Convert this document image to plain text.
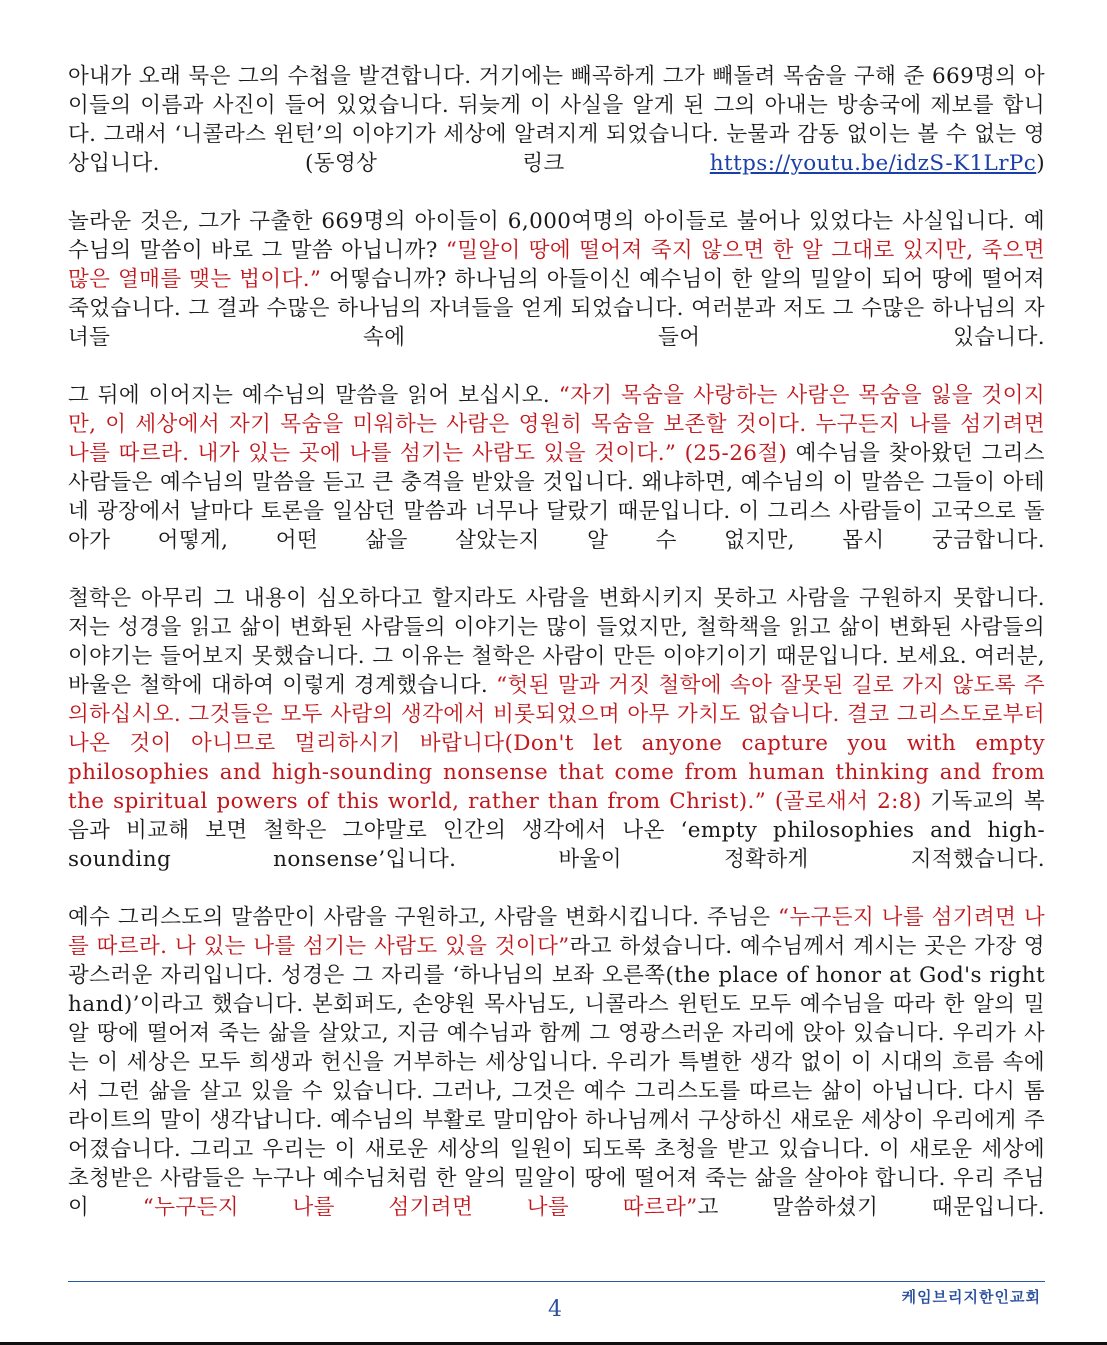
아내가 오래 묵은 그의 수첩을 발견합니다. 거기에는 빼곡하게 그가 빼돌려 목숨을 구해 준 669명의 아이들의 이름과 사진이 들어 있었습니다. 뒤늦게 이 사실을 알게 된 그의 아내는 방송국에 제보를 합니다. 그래서 ‘니콜라스 윈턴’의 이야기가 세상에 알려지게 되었습니다. 눈물과 감동 없이는 볼 수 없는 영상입니다. (동영상 링크 https://youtu.be/idzS-K1LrPc)

놀라운 것은, 그가 구출한 669명의 아이들이 6,000여명의 아이들로 불어나 있었다는 사실입니다. 예수님의 말씀이 바로 그 말씀 아닙니까? “밀알이 땅에 떨어져 죽지 않으면 한 알 그대로 있지만, 죽으면 많은 열매를 맺는 법이다.” 어떻습니까? 하나님의 아들이신 예수님이 한 알의 밀알이 되어 땅에 떨어져 죽었습니다. 그 결과 수많은 하나님의 자녀들을 얻게 되었습니다. 여러분과 저도 그 수많은 하나님의 자녀들 속에 들어 있습니다.

그 뒤에 이어지는 예수님의 말씀을 읽어 보십시오. “자기 목숨을 사랑하는 사람은 목숨을 잃을 것이지만, 이 세상에서 자기 목숨을 미워하는 사람은 영원히 목숨을 보존할 것이다. 누구든지 나를 섬기려면 나를 따르라. 내가 있는 곳에 나를 섬기는 사람도 있을 것이다.” (25-26절) 예수님을 찾아왔던 그리스 사람들은 예수님의 말씀을 듣고 큰 충격을 받았을 것입니다. 왜냐하면, 예수님의 이 말씀은 그들이 아테네 광장에서 날마다 토론을 일삼던 말씀과 너무나 달랐기 때문입니다. 이 그리스 사람들이 고국으로 돌아가 어떻게, 어떤 삶을 살았는지 알 수 없지만, 몹시 궁금합니다.

철학은 아무리 그 내용이 심오하다고 할지라도 사람을 변화시키지 못하고 사람을 구원하지 못합니다. 저는 성경을 읽고 삶이 변화된 사람들의 이야기는 많이 들었지만, 철학책을 읽고 삶이 변화된 사람들의 이야기는 들어보지 못했습니다. 그 이유는 철학은 사람이 만든 이야기이기 때문입니다. 보세요. 여러분, 바울은 철학에 대하여 이렇게 경계했습니다. “헛된 말과 거짓 철학에 속아 잘못된 길로 가지 않도록 주의하십시오. 그것들은 모두 사람의 생각에서 비롯되었으며 아무 가치도 없습니다. 결코 그리스도로부터 나온 것이 아니므로 멀리하시기 바랍니다(Don't let anyone capture you with empty philosophies and high-sounding nonsense that come from human thinking and from the spiritual powers of this world, rather than from Christ).” (골로새서 2:8) 기독교의 복음과 비교해 보면 철학은 그야말로 인간의 생각에서 나온 ‘empty philosophies and high-sounding nonsense’입니다. 바울이 정확하게 지적했습니다.

예수 그리스도의 말씀만이 사람을 구원하고, 사람을 변화시킵니다. 주님은 “누구든지 나를 섬기려면 나를 따르라. 나 있는 나를 섬기는 사람도 있을 것이다”라고 하셨습니다. 예수님께서 계시는 곳은 가장 영광스러운 자리입니다. 성경은 그 자리를 ‘하나님의 보좌 오른쪽(the place of honor at God's right hand)’이라고 했습니다. 본회퍼도, 손양원 목사님도, 니콜라스 윈턴도 모두 예수님을 따라 한 알의 밀알 땅에 떨어져 죽는 삶을 살았고, 지금 예수님과 함께 그 영광스러운 자리에 앉아 있습니다. 우리가 사는 이 세상은 모두 희생과 헌신을 거부하는 세상입니다. 우리가 특별한 생각 없이 이 시대의 흐름 속에서 그런 삶을 살고 있을 수 있습니다. 그러나, 그것은 예수 그리스도를 따르는 삶이 아닙니다. 다시 톰 라이트의 말이 생각납니다. 예수님의 부활로 말미암아 하나님께서 구상하신 새로운 세상이 우리에게 주어졌습니다. 그리고 우리는 이 새로운 세상의 일원이 되도록 초청을 받고 있습니다. 이 새로운 세상에 초청받은 사람들은 누구나 예수님처럼 한 알의 밀알이 땅에 떨어져 죽는 삶을 살아야 합니다. 우리 주님이 “누구든지 나를 섬기려면 나를 따르라”고 말씀하셨기 때문입니다.

4	케임브리지한인교회
